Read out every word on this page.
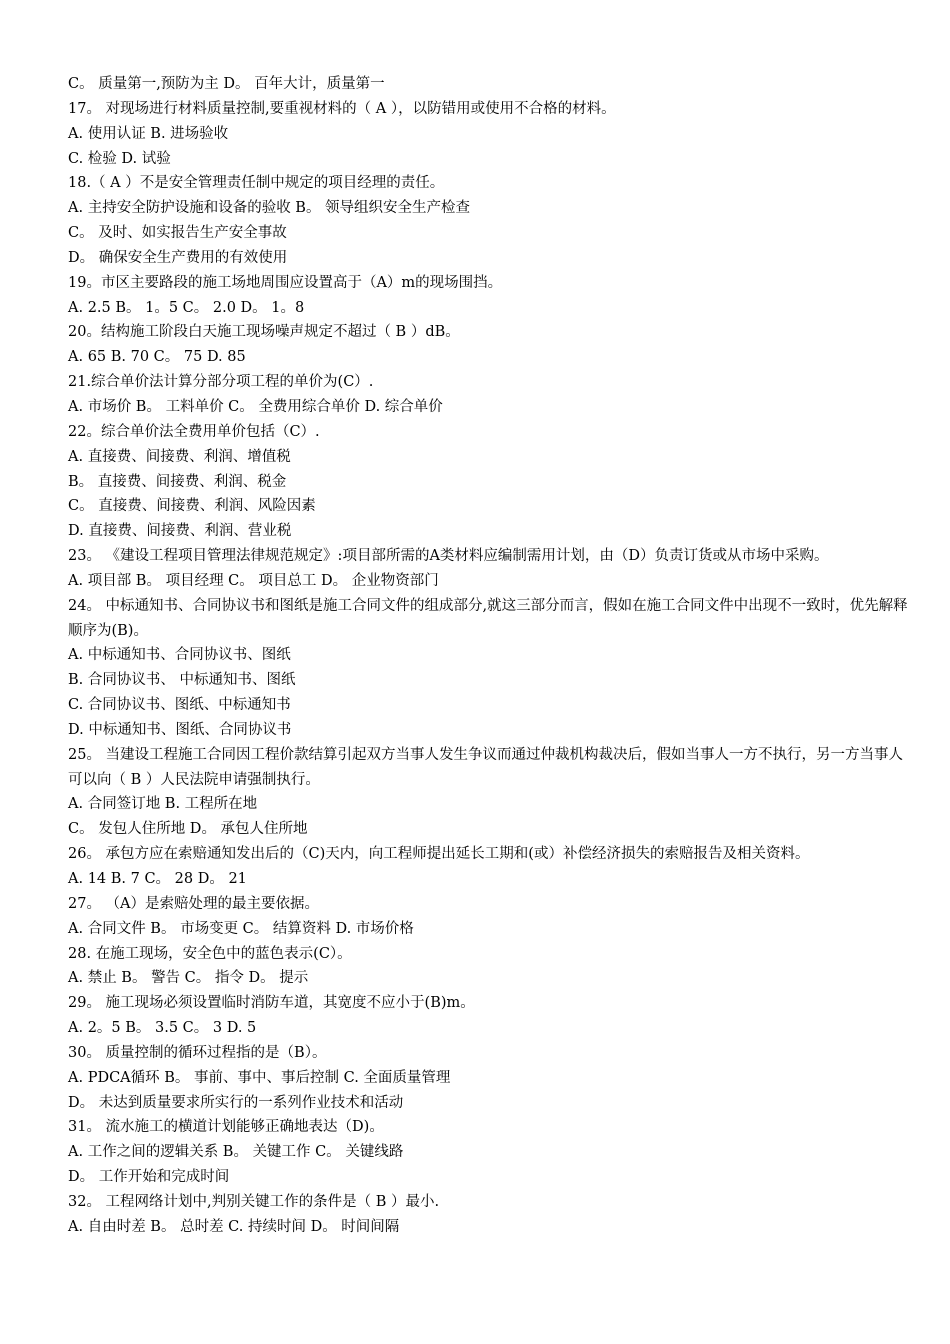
C。 质量第一,预防为主 D。 百年大计，质量第一

17。 对现场进行材料质量控制,要重视材料的（ A ），以防错用或使用不合格的材料。

A. 使用认证 B. 进场验收

C. 检验 D. 试验

18.（ A ）不是安全管理责任制中规定的项目经理的责任。

A. 主持安全防护设施和设备的验收 B。 领导组织安全生产检查

C。 及时、如实报告生产安全事故

D。 确保安全生产费用的有效使用

19。市区主要路段的施工场地周围应设置高于（A）m的现场围挡。

A. 2.5 B。 1。5 C。 2.0 D。 1。8

20。结构施工阶段白天施工现场噪声规定不超过（ B ）dB。

A. 65 B. 70 C。 75 D. 85

21.综合单价法计算分部分项工程的单价为(C）.

A. 市场价 B。 工料单价 C。 全费用综合单价 D. 综合单价

22。综合单价法全费用单价包括（C）.

A. 直接费、间接费、利润、增值税

B。 直接费、间接费、利润、税金

C。 直接费、间接费、利润、风险因素

D. 直接费、间接费、利润、营业税

23。 《建设工程项目管理法律规范规定》:项目部所需的A类材料应编制需用计划，由（D）负责订货或从市场中采购。

A. 项目部 B。 项目经理 C。 项目总工 D。 企业物资部门

24。 中标通知书、合同协议书和图纸是施工合同文件的组成部分,就这三部分而言，假如在施工合同文件中出现不一致时，优先解释顺序为(B)。

A. 中标通知书、合同协议书、图纸

B. 合同协议书、 中标通知书、图纸

C. 合同协议书、图纸、中标通知书

D. 中标通知书、图纸、合同协议书

25。 当建设工程施工合同因工程价款结算引起双方当事人发生争议而通过仲裁机构裁决后，假如当事人一方不执行，另一方当事人可以向（ B ）人民法院申请强制执行。

A. 合同签订地 B. 工程所在地

C。 发包人住所地 D。 承包人住所地

26。 承包方应在索赔通知发出后的（C)天内，向工程师提出延长工期和(或）补偿经济损失的索赔报告及相关资料。

A. 14 B. 7 C。 28 D。 21

27。 （A）是索赔处理的最主要依据。

A. 合同文件 B。 市场变更 C。 结算资料 D. 市场价格

28. 在施工现场，安全色中的蓝色表示(C）。

A. 禁止 B。 警告 C。 指令 D。 提示

29。 施工现场必须设置临时消防车道，其宽度不应小于(B)m。

A. 2。5 B。 3.5 C。 3 D. 5

30。 质量控制的循环过程指的是（B）。

A. PDCA循环 B。 事前、事中、事后控制 C. 全面质量管理

D。 未达到质量要求所实行的一系列作业技术和活动

31。 流水施工的横道计划能够正确地表达（D)。

A. 工作之间的逻辑关系 B。 关键工作 C。 关键线路

D。 工作开始和完成时间

32。 工程网络计划中,判别关键工作的条件是（ B ）最小.

A. 自由时差 B。 总时差 C. 持续时间 D。 时间间隔
